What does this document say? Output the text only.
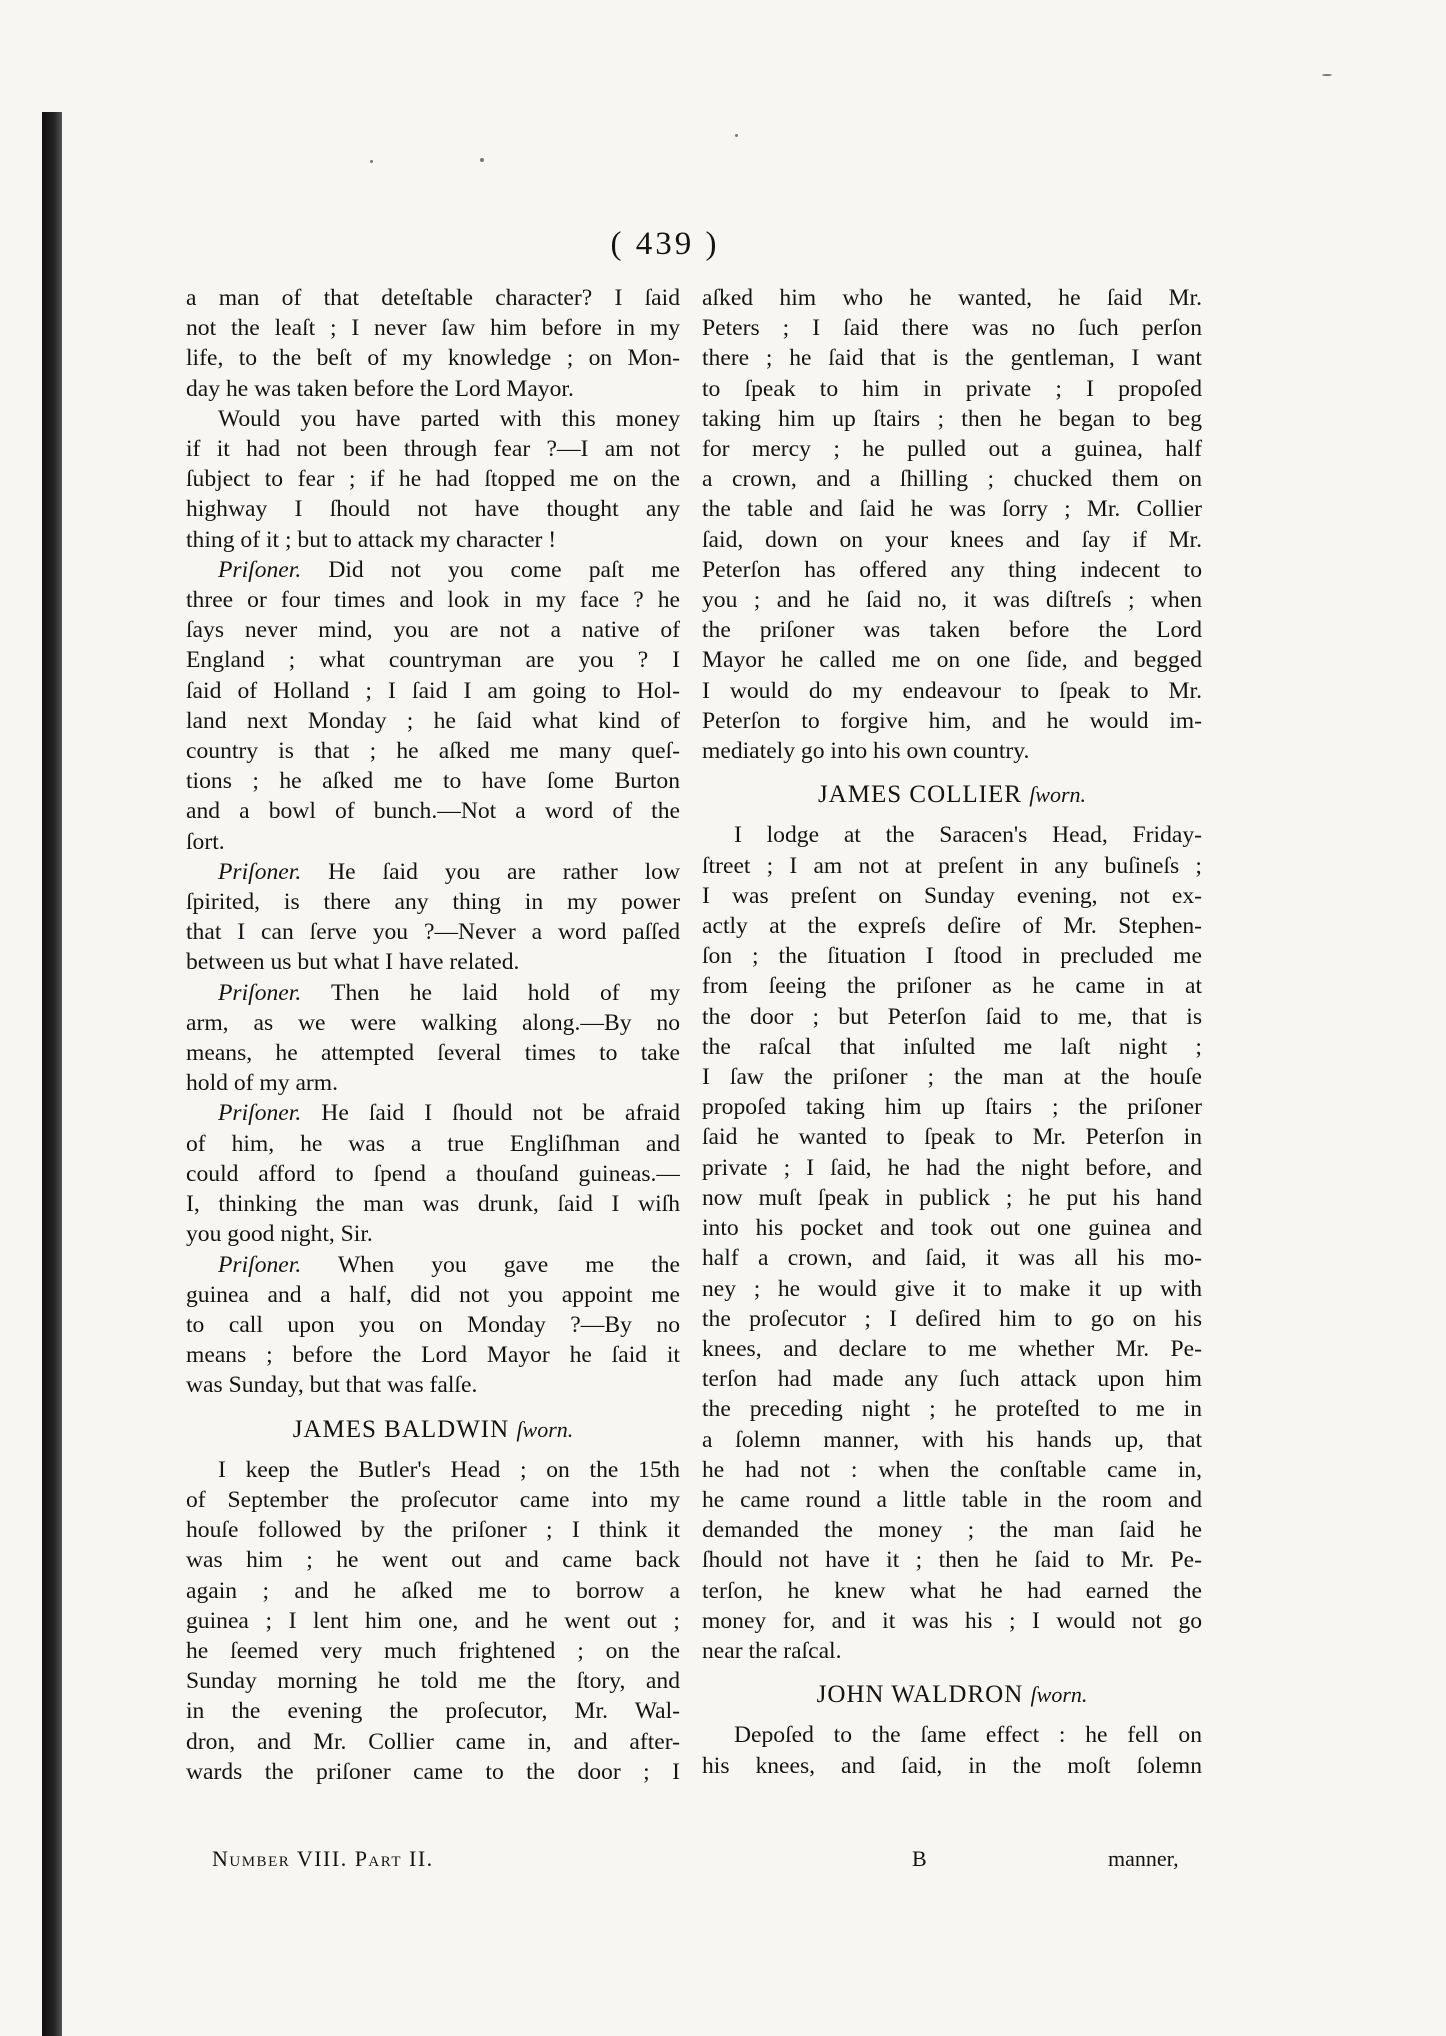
( 439 )
a man of that deteſtable character? I ſaid
not the leaſt ; I never ſaw him before in my
life, to the beſt of my knowledge ; on Mon-
day he was taken before the Lord Mayor.
Would you have parted with this money
if it had not been through fear ?—I am not
ſubject to fear ; if he had ſtopped me on the
highway I ſhould not have thought any
thing of it ; but to attack my character !
Priſoner. Did not you come paſt me
three or four times and look in my face ? he
ſays never mind, you are not a native of
England ; what countryman are you ? I
ſaid of Holland ; I ſaid I am going to Hol-
land next Monday ; he ſaid what kind of
country is that ; he aſked me many queſ-
tions ; he aſked me to have ſome Burton
and a bowl of bunch.—Not a word of the
ſort.
Priſoner. He ſaid you are rather low
ſpirited, is there any thing in my power
that I can ſerve you ?—Never a word paſſed
between us but what I have related.
Priſoner. Then he laid hold of my
arm, as we were walking along.—By no
means, he attempted ſeveral times to take
hold of my arm.
Priſoner. He ſaid I ſhould not be afraid
of him, he was a true Engliſhman and
could afford to ſpend a thouſand guineas.—
I, thinking the man was drunk, ſaid I wiſh
you good night, Sir.
Priſoner. When you gave me the
guinea and a half, did not you appoint me
to call upon you on Monday ?—By no
means ; before the Lord Mayor he ſaid it
was Sunday, but that was falſe.
JAMES BALDWIN ſworn.
I keep the Butler's Head ; on the 15th
of September the proſecutor came into my
houſe followed by the priſoner ; I think it
was him ; he went out and came back
again ; and he aſked me to borrow a
guinea ; I lent him one, and he went out ;
he ſeemed very much frightened ; on the
Sunday morning he told me the ſtory, and
in the evening the proſecutor, Mr. Wal-
dron, and Mr. Collier came in, and after-
wards the priſoner came to the door ; I
aſked him who he wanted, he ſaid Mr.
Peters ; I ſaid there was no ſuch perſon
there ; he ſaid that is the gentleman, I want
to ſpeak to him in private ; I propoſed
taking him up ſtairs ; then he began to beg
for mercy ; he pulled out a guinea, half
a crown, and a ſhilling ; chucked them on
the table and ſaid he was ſorry ; Mr. Collier
ſaid, down on your knees and ſay if Mr.
Peterſon has offered any thing indecent to
you ; and he ſaid no, it was diſtreſs ; when
the priſoner was taken before the Lord
Mayor he called me on one ſide, and begged
I would do my endeavour to ſpeak to Mr.
Peterſon to forgive him, and he would im-
mediately go into his own country.
JAMES COLLIER ſworn.
I lodge at the Saracen's Head, Friday-
ſtreet ; I am not at preſent in any buſineſs ;
I was preſent on Sunday evening, not ex-
actly at the expreſs deſire of Mr. Stephen-
ſon ; the ſituation I ſtood in precluded me
from ſeeing the priſoner as he came in at
the door ; but Peterſon ſaid to me, that is
the raſcal that inſulted me laſt night ;
I ſaw the priſoner ; the man at the houſe
propoſed taking him up ſtairs ; the priſoner
ſaid he wanted to ſpeak to Mr. Peterſon in
private ; I ſaid, he had the night before, and
now muſt ſpeak in publick ; he put his hand
into his pocket and took out one guinea and
half a crown, and ſaid, it was all his mo-
ney ; he would give it to make it up with
the proſecutor ; I deſired him to go on his
knees, and declare to me whether Mr. Pe-
terſon had made any ſuch attack upon him
the preceding night ; he proteſted to me in
a ſolemn manner, with his hands up, that
he had not : when the conſtable came in,
he came round a little table in the room and
demanded the money ; the man ſaid he
ſhould not have it ; then he ſaid to Mr. Pe-
terſon, he knew what he had earned the
money for, and it was his ; I would not go
near the raſcal.
JOHN WALDRON ſworn.
Depoſed to the ſame effect : he fell on
his knees, and ſaid, in the moſt ſolemn
Number VIII. Part II.	B	manner,
